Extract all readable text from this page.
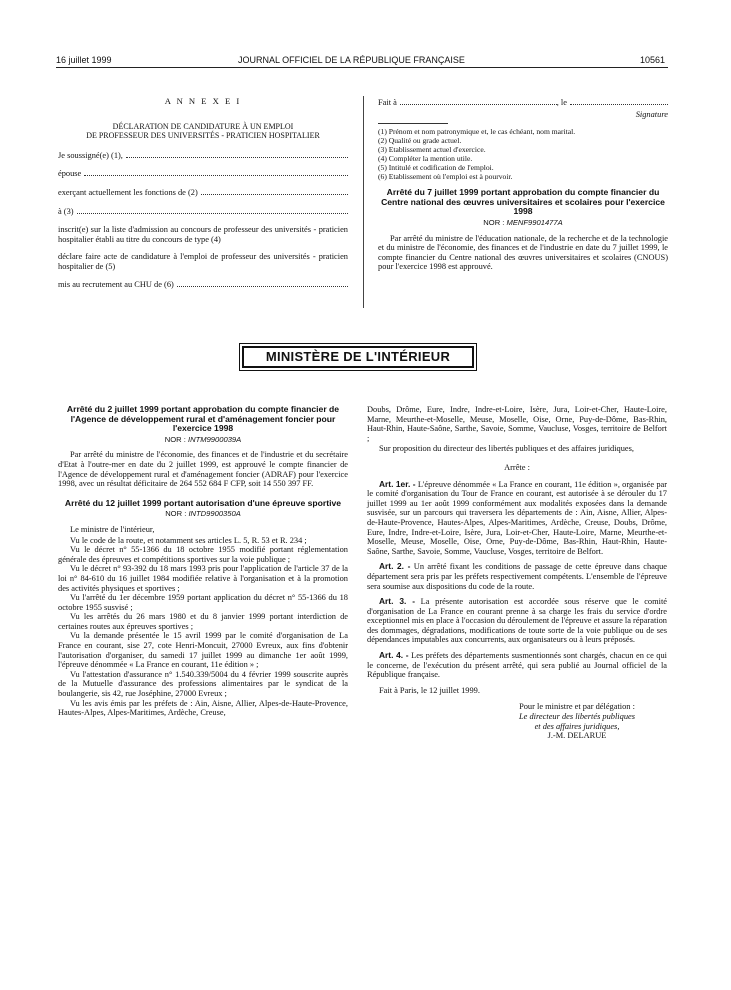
16 juillet 1999	JOURNAL OFFICIEL DE LA RÉPUBLIQUE FRANÇAISE	10561
A N N E X E I
DÉCLARATION DE CANDIDATURE À UN EMPLOI
DE PROFESSEUR DES UNIVERSITÉS - PRATICIEN HOSPITALIER
Je soussigné(e) (1),
épouse
exerçant actuellement les fonctions de (2)
à (3)

inscrit(e) sur la liste d'admission au concours de professeur des universités - praticien hospitalier établi au titre du concours de type (4)

déclare faire acte de candidature à l'emploi de professeur des universités - praticien hospitalier de (5)

mis au recrutement au CHU de (6)
Fait à	, le
Signature
(1) Prénom et nom patronymique et, le cas échéant, nom marital.
(2) Qualité ou grade actuel.
(3) Etablissement actuel d'exercice.
(4) Compléter la mention utile.
(5) Intitulé et codification de l'emploi.
(6) Etablissement où l'emploi est à pourvoir.
Arrêté du 7 juillet 1999 portant approbation du compte financier du Centre national des œuvres universitaires et scolaires pour l'exercice 1998
NOR : MENF9901477A

Par arrêté du ministre de l'éducation nationale, de la recherche et de la technologie et du ministre de l'économie, des finances et de l'industrie en date du 7 juillet 1999, le compte financier du Centre national des œuvres universitaires et scolaires (CNOUS) pour l'exercice 1998 est approuvé.

MINISTÈRE DE L'INTÉRIEUR
Arrêté du 2 juillet 1999 portant approbation du compte financier de l'Agence de développement rural et d'aménagement foncier pour l'exercice 1998
NOR : INTM9900039A

Par arrêté du ministre de l'économie, des finances et de l'industrie et du secrétaire d'Etat à l'outre-mer en date du 2 juillet 1999, est approuvé le compte financier de l'Agence de développement rural et d'aménagement foncier (ADRAF) pour l'exercice 1998, avec un résultat déficitaire de 264 552 684 F CFP, soit 14 550 397 FF.

Arrêté du 12 juillet 1999 portant autorisation d'une épreuve sportive
NOR : INTD9900350A

Le ministre de l'intérieur,

Vu le code de la route, et notamment ses articles L. 5, R. 53 et R. 234 ;

Vu le décret n° 55-1366 du 18 octobre 1955 modifié portant réglementation générale des épreuves et compétitions sportives sur la voie publique ;

Vu le décret n° 93-392 du 18 mars 1993 pris pour l'application de l'article 37 de la loi n° 84-610 du 16 juillet 1984 modifiée relative à l'organisation et à la promotion des activités physiques et sportives ;

Vu l'arrêté du 1er décembre 1959 portant application du décret n° 55-1366 du 18 octobre 1955 susvisé ;

Vu les arrêtés du 26 mars 1980 et du 8 janvier 1999 portant interdiction de certaines routes aux épreuves sportives ;

Vu la demande présentée le 15 avril 1999 par le comité d'organisation de La France en courant, sise 27, cote Henri-Moncuit, 27000 Evreux, aux fins d'obtenir l'autorisation d'organiser, du samedi 17 juillet 1999 au dimanche 1er août 1999, l'épreuve dénommée « La France en courant, 11e édition » ;

Vu l'attestation d'assurance n° 1.540.339/5004 du 4 février 1999 souscrite auprès de la Mutuelle d'assurance des professions alimentaires par le syndicat de la boulangerie, sis 42, rue Joséphine, 27000 Evreux ;

Vu les avis émis par les préfets de : Ain, Aisne, Allier, Alpes-de-Haute-Provence, Hautes-Alpes, Alpes-Maritimes, Ardèche, Creuse,

Doubs, Drôme, Eure, Indre, Indre-et-Loire, Isère, Jura, Loir-et-Cher, Haute-Loire, Marne, Meurthe-et-Moselle, Meuse, Moselle, Oise, Orne, Puy-de-Dôme, Bas-Rhin, Haut-Rhin, Haute-Saône, Sarthe, Savoie, Somme, Vaucluse, Vosges, territoire de Belfort ;

Sur proposition du directeur des libertés publiques et des affaires juridiques,

Arrête :

Art. 1er. - L'épreuve dénommée « La France en courant, 11e édition », organisée par le comité d'organisation du Tour de France en courant, est autorisée à se dérouler du 17 juillet 1999 au 1er août 1999 conformément aux modalités exposées dans la demande susvisée, sur un parcours qui traversera les départements de : Ain, Aisne, Allier, Alpes-de-Haute-Provence, Hautes-Alpes, Alpes-Maritimes, Ardèche, Creuse, Doubs, Drôme, Eure, Indre, Indre-et-Loire, Isère, Jura, Loir-et-Cher, Haute-Loire, Marne, Meurthe-et-Moselle, Meuse, Moselle, Oise, Orne, Puy-de-Dôme, Bas-Rhin, Haut-Rhin, Haute-Saône, Sarthe, Savoie, Somme, Vaucluse, Vosges, territoire de Belfort.

Art. 2. - Un arrêté fixant les conditions de passage de cette épreuve dans chaque département sera pris par les préfets respectivement compétents. L'ensemble de l'épreuve sera soumise aux dispositions du code de la route.

Art. 3. - La présente autorisation est accordée sous réserve que le comité d'organisation de La France en courant prenne à sa charge les frais du service d'ordre exceptionnel mis en place à l'occasion du déroulement de l'épreuve et assure la réparation des dommages, dégradations, modifications de toute sorte de la voie publique ou de ses dépendances imputables aux concurrents, aux organisateurs ou à leurs préposés.

Art. 4. - Les préfets des départements susmentionnés sont chargés, chacun en ce qui le concerne, de l'exécution du présent arrêté, qui sera publié au Journal officiel de la République française.

Fait à Paris, le 12 juillet 1999.

Pour le ministre et par délégation :
Le directeur des libertés publiques
et des affaires juridiques,
J.-M. DELARUE
